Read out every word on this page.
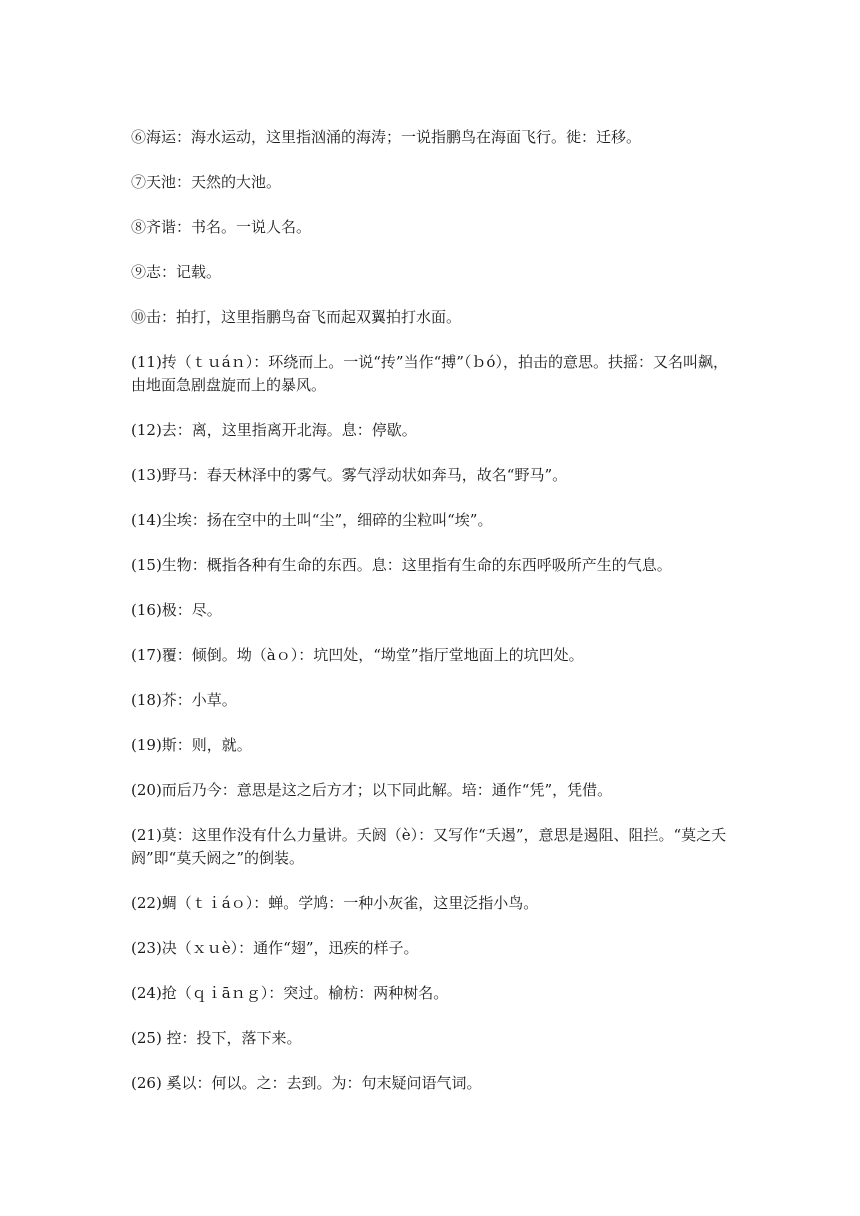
⑥海运：海水运动，这里指汹涌的海涛；一说指鹏鸟在海面飞行。徙：迁移。
⑦天池：天然的大池。
⑧齐谐：书名。一说人名。
⑨志：记载。
⑩击：拍打，这里指鹏鸟奋飞而起双翼拍打水面。
(11)抟（ｔｕáｎ）：环绕而上。一说“抟”当作“搏”（ｂó），拍击的意思。扶摇：又名叫飙，由地面急剧盘旋而上的暴风。
(12)去：离，这里指离开北海。息：停歇。
(13)野马：春天林泽中的雾气。雾气浮动状如奔马，故名“野马”。
(14)尘埃：扬在空中的土叫“尘”，细碎的尘粒叫“埃”。
(15)生物：概指各种有生命的东西。息：这里指有生命的东西呼吸所产生的气息。
(16)极：尽。
(17)覆：倾倒。坳（àｏ）：坑凹处，“坳堂”指厅堂地面上的坑凹处。
(18)芥：小草。
(19)斯：则，就。
(20)而后乃今：意思是这之后方才；以下同此解。培：通作“凭”，凭借。
(21)莫：这里作没有什么力量讲。夭阏（è）：又写作“夭遏”，意思是遏阻、阻拦。“莫之夭阏”即“莫夭阏之”的倒装。
(22)蜩（ｔｉáｏ）：蝉。学鸠：一种小灰雀，这里泛指小鸟。
(23)决（ｘｕè）：通作“翅”，迅疾的样子。
(24)抢（ｑｉāｎｇ）：突过。榆枋：两种树名。
(25) 控：投下，落下来。
(26) 奚以：何以。之：去到。为：句末疑问语气词。
